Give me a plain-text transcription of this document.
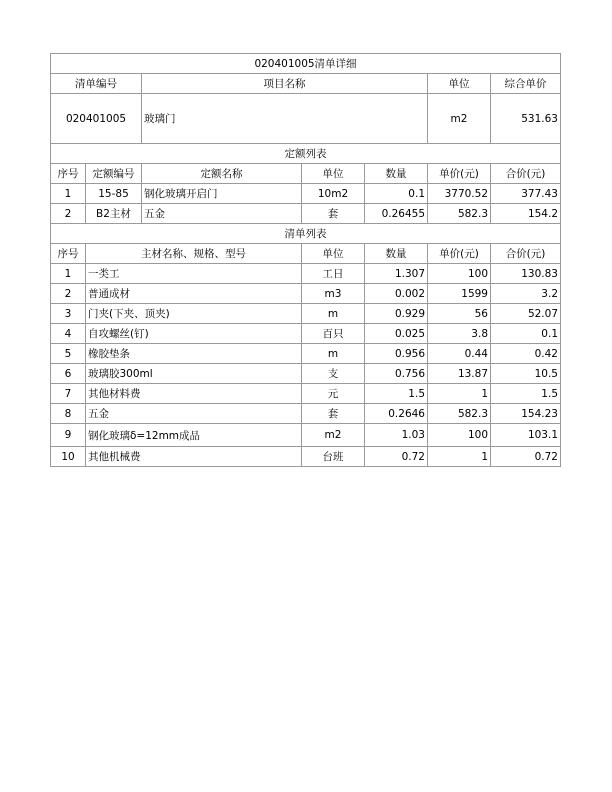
020401005清单详细						
清单编号		项目名称			单位	综合单价
020401005		玻璃门			m2	531.63
定额列表						
序号	定额编号	定额名称	单位	数量	单价(元)	合价(元)
1	15-85	钢化玻璃开启门	10m2	0.1	3770.52	377.43
2	B2主材	五金	套	0.26455	582.3	154.2
清单列表						
序号	主材名称、规格、型号		单位	数量	单价(元)	合价(元)
1	一类工		工日	1.307	100	130.83
2	普通成材		m3	0.002	1599	3.2
3	门夹(下夹、顶夹)		m	0.929	56	52.07
4	自攻螺丝(钉)		百只	0.025	3.8	0.1
5	橡胶垫条		m	0.956	0.44	0.42
6	玻璃胶300ml		支	0.756	13.87	10.5
7	其他材料费		元	1.5	1	1.5
8	五金		套	0.2646	582.3	154.23
9	钢化玻璃δ=12mm成品		m2	1.03	100	103.1
10	其他机械费		台班	0.72	1	0.72
